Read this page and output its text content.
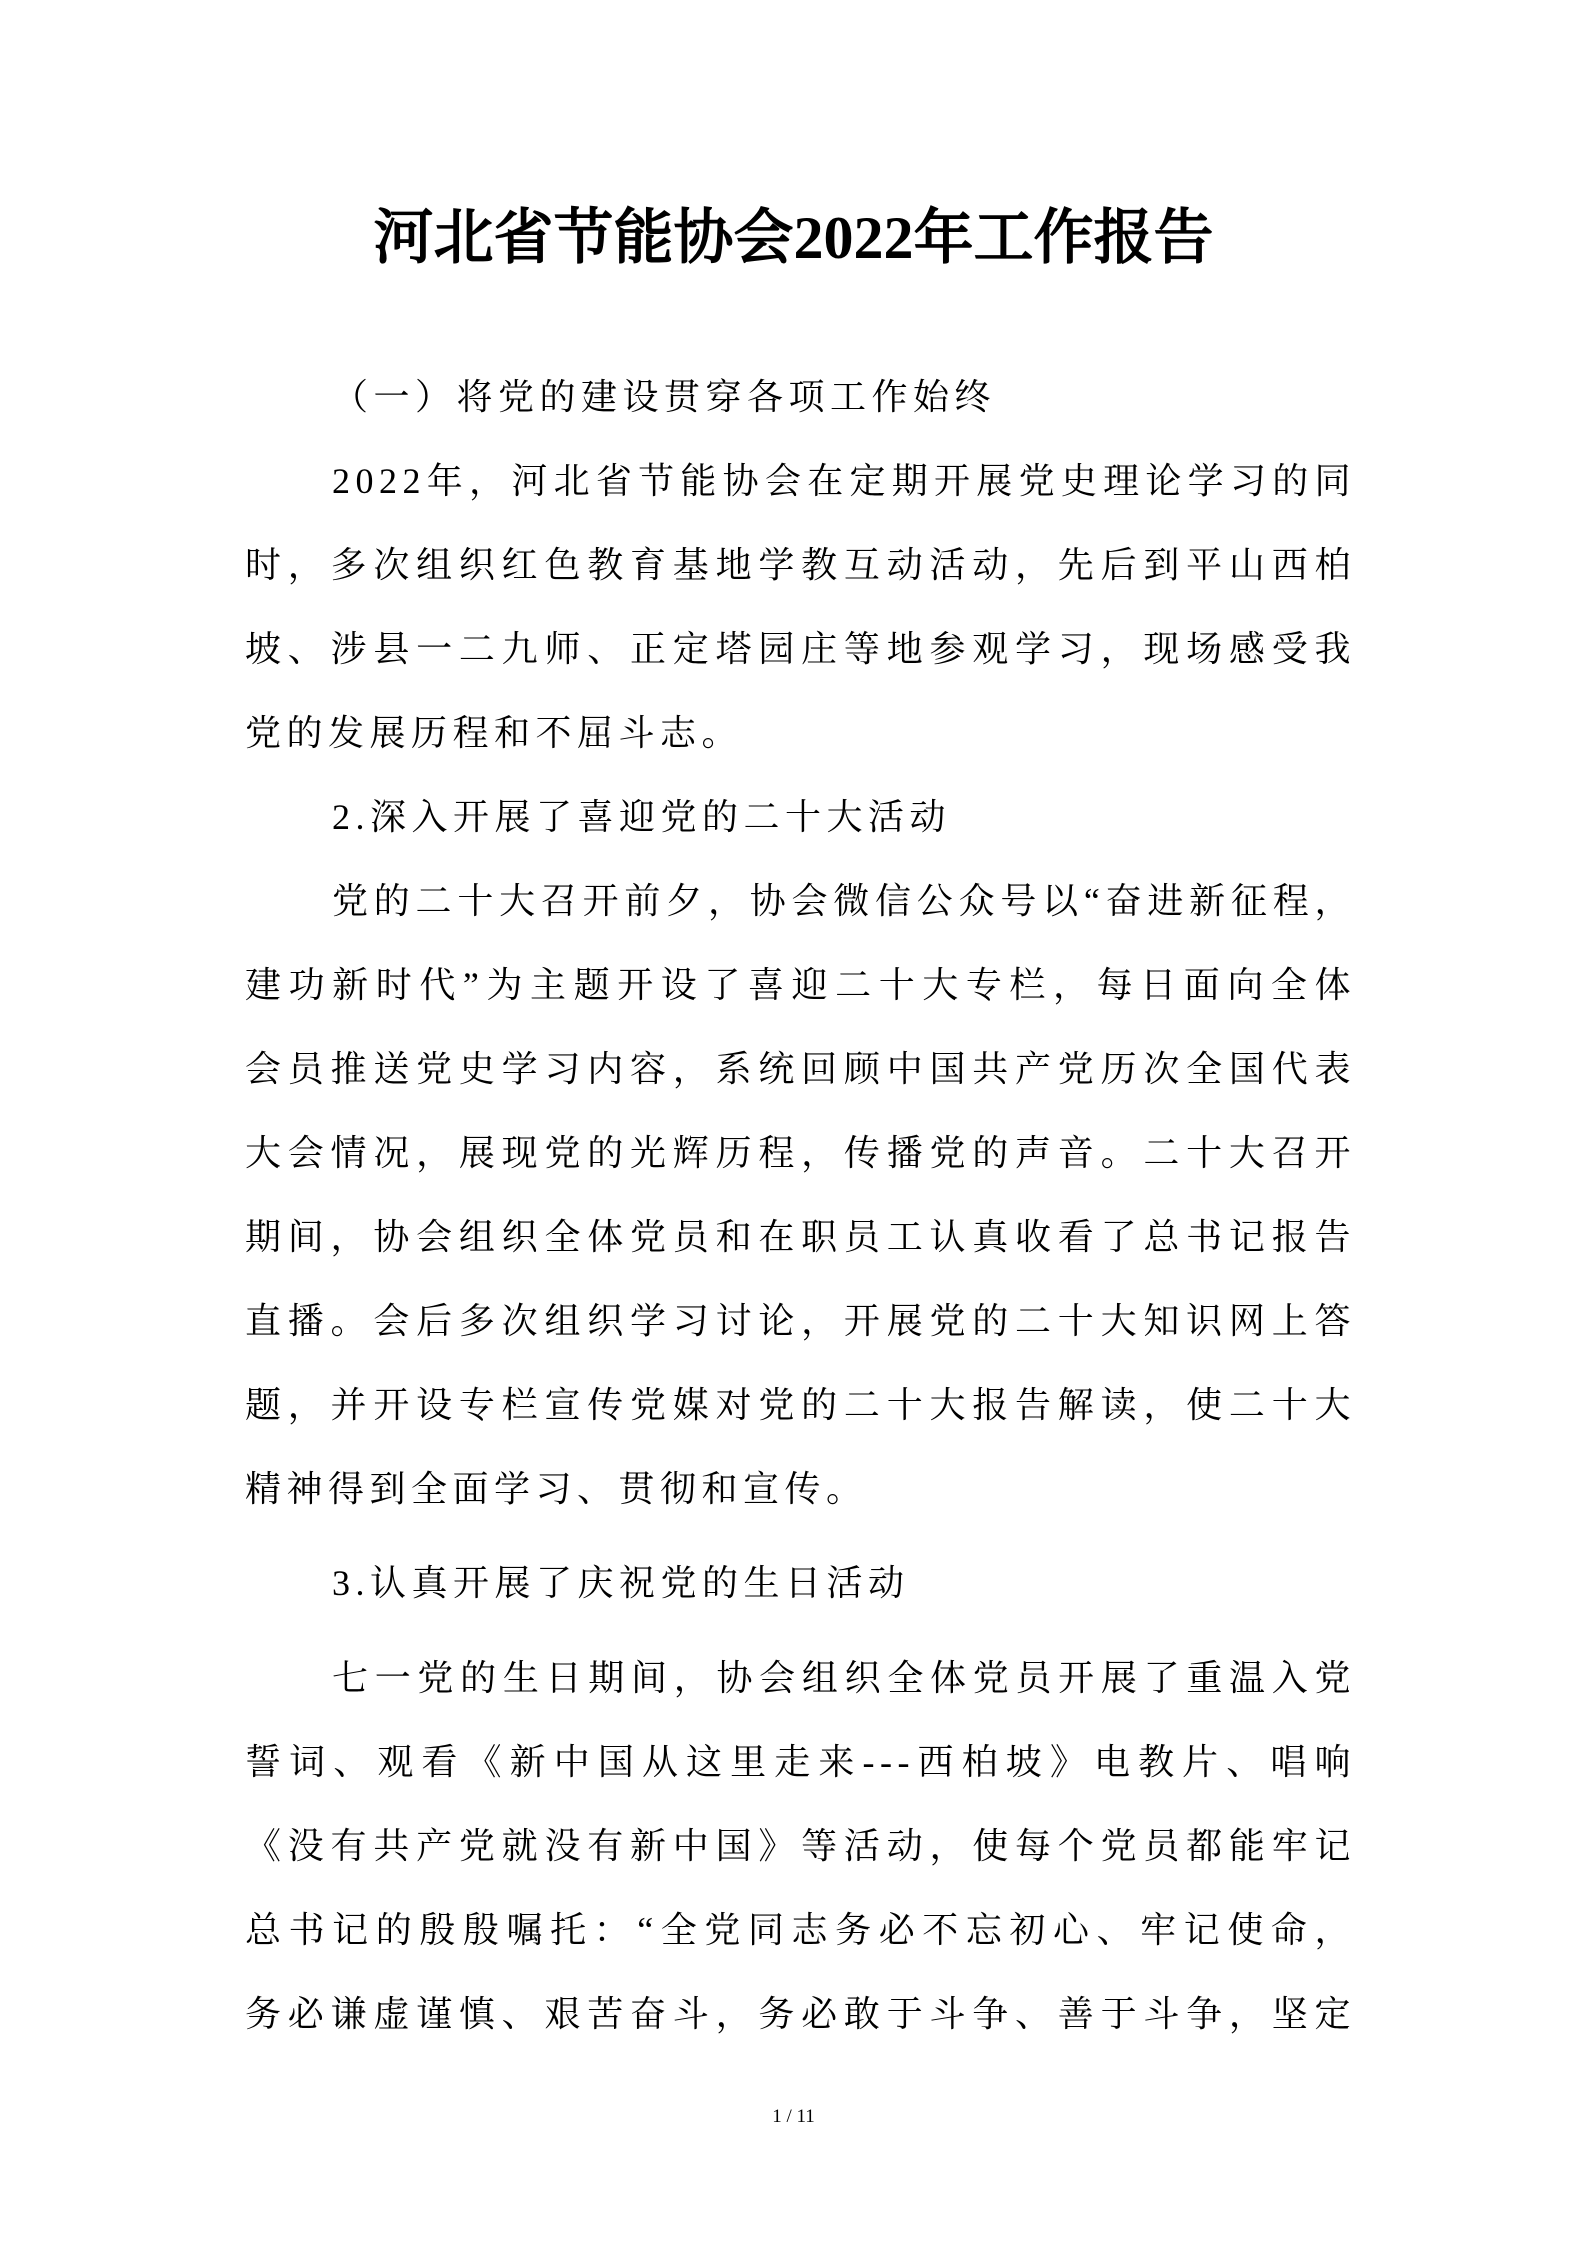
河北省节能协会2022年工作报告
（一）将党的建设贯穿各项工作始终
2022年，河北省节能协会在定期开展党史理论学习的同
时，多次组织红色教育基地学教互动活动，先后到平山西柏
坡、涉县一二九师、正定塔园庄等地参观学习，现场感受我
党的发展历程和不屈斗志。
2.深入开展了喜迎党的二十大活动
党的二十大召开前夕，协会微信公众号以“奋进新征程，
建功新时代”为主题开设了喜迎二十大专栏，每日面向全体
会员推送党史学习内容，系统回顾中国共产党历次全国代表
大会情况，展现党的光辉历程，传播党的声音。二十大召开
期间，协会组织全体党员和在职员工认真收看了总书记报告
直播。会后多次组织学习讨论，开展党的二十大知识网上答
题，并开设专栏宣传党媒对党的二十大报告解读，使二十大
精神得到全面学习、贯彻和宣传。
3.认真开展了庆祝党的生日活动
七一党的生日期间，协会组织全体党员开展了重温入党
誓词、观看《新中国从这里走来---西柏坡》电教片、唱响
《没有共产党就没有新中国》等活动，使每个党员都能牢记
总书记的殷殷嘱托：“全党同志务必不忘初心、牢记使命，
务必谦虚谨慎、艰苦奋斗，务必敢于斗争、善于斗争，坚定
1 / 11
